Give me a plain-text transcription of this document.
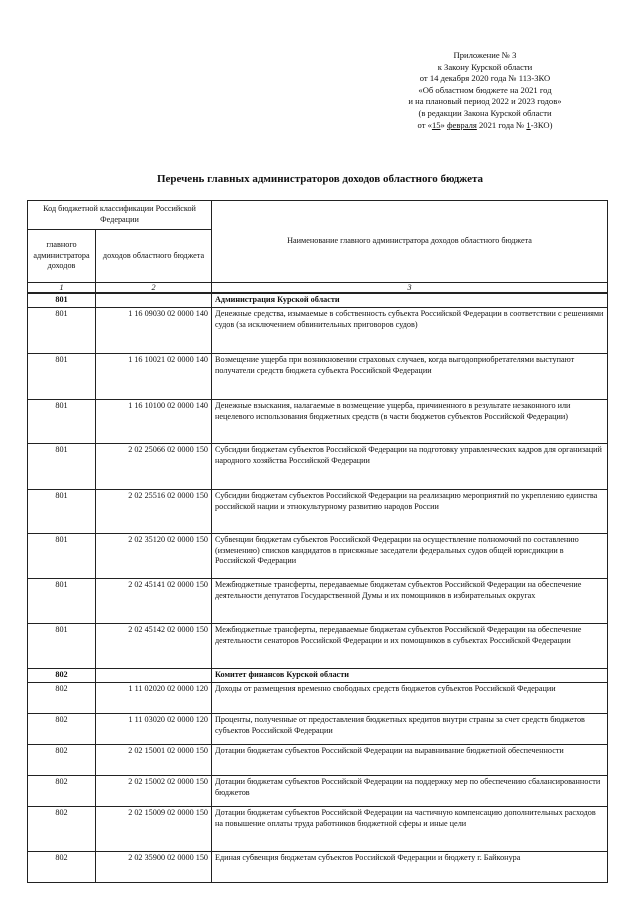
Приложение № 3
к Закону Курской области
от 14 декабря 2020 года № 113-ЗКО
«Об областном бюджете на 2021 год
и на плановый период 2022 и 2023 годов»
(в редакции Закона Курской области
от «15» февраля 2021 года № 1-ЗКО)
Перечень главных администраторов доходов областного бюджета
Код бюджетной классификации Российской Федерации		Наименование главного администратора доходов областного бюджета
главного администратора доходов	доходов областного бюджета	
1	2	3
801		Администрация Курской области
801	1 16 09030 02 0000 140	Денежные средства, изымаемые в собственность субъекта Российской Федерации в соответствии с решениями судов (за исключением обвинительных приговоров судов)
801	1 16 10021 02 0000 140	Возмещение ущерба при возникновении страховых случаев, когда выгодоприобретателями выступают получатели средств бюджета субъекта Российской Федерации
801	1 16 10100 02 0000 140	Денежные взыскания, налагаемые в возмещение ущерба, причиненного в результате незаконного или нецелевого использования бюджетных средств (в части бюджетов субъектов Российской Федерации)
801	2 02 25066 02 0000 150	Субсидии бюджетам субъектов Российской Федерации на подготовку управленческих кадров для организаций народного хозяйства Российской Федерации
801	2 02 25516 02 0000 150	Субсидии бюджетам субъектов Российской Федерации на реализацию мероприятий по укреплению единства российской нации и этнокультурному развитию народов России
801	2 02 35120 02 0000 150	Субвенции бюджетам субъектов Российской Федерации на осуществление полномочий по составлению (изменению) списков кандидатов в присяжные заседатели федеральных судов общей юрисдикции в Российской Федерации
801	2 02 45141 02 0000 150	Межбюджетные трансферты, передаваемые бюджетам субъектов Российской Федерации на обеспечение деятельности депутатов Государственной Думы и их помощников в избирательных округах
801	2 02 45142 02 0000 150	Межбюджетные трансферты, передаваемые бюджетам субъектов Российской Федерации на обеспечение деятельности сенаторов Российской Федерации и их помощников в субъектах Российской Федерации
802		Комитет финансов Курской области
802	1 11 02020 02 0000 120	Доходы от размещения временно свободных средств бюджетов субъектов Российской Федерации
802	1 11 03020 02 0000 120	Проценты, полученные от предоставления бюджетных кредитов внутри страны за счет средств бюджетов субъектов Российской Федерации
802	2 02 15001 02 0000 150	Дотации бюджетам субъектов Российской Федерации на выравнивание бюджетной обеспеченности
802	2 02 15002 02 0000 150	Дотации бюджетам субъектов Российской Федерации на поддержку мер по обеспечению сбалансированности бюджетов
802	2 02 15009 02 0000 150	Дотации бюджетам субъектов Российской Федерации на частичную компенсацию дополнительных расходов на повышение оплаты труда работников бюджетной сферы и иные цели
802	2 02 35900 02 0000 150	Единая субвенция бюджетам субъектов Российской Федерации и бюджету г. Байконура
